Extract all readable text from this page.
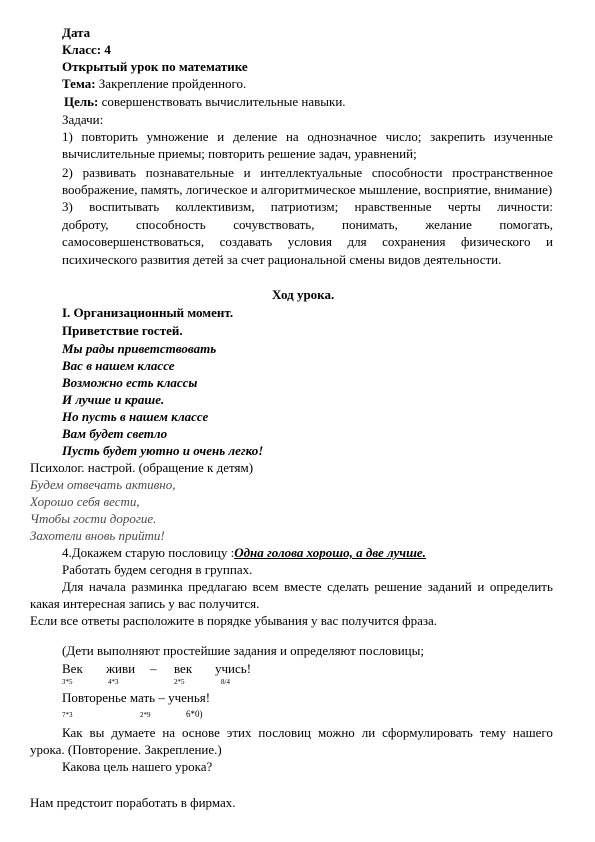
Дата
Класс: 4
Открытый урок по математике
Тема: Закрепление пройденного.
Цель: совершенствовать вычислительные навыки.
Задачи:
1) повторить умножение и деление на однозначное число; закрепить изученные
вычислительные приемы; повторить решение задач, уравнений;
2) развивать познавательные и интеллектуальные способности пространственное
воображение, память, логическое и алгоритмическое мышление, восприятие, внимание)
3) воспитывать коллективизм, патриотизм; нравственные черты личности:
доброту, способность сочувствовать, понимать, желание помогать,
самосовершенствоваться, создавать условия для сохранения физического и
психического развития детей за счет рациональной смены видов деятельности.
Ход урока.
I. Организационный момент.
Приветствие гостей.
Мы рады приветствовать
Вас в нашем классе
Возможно есть классы
И лучше и краше.
Но пусть в нашем классе
Вам будет светло
Пусть будет уютно и очень легко!
Психолог. настрой. (обращение к детям)
Будем отвечать активно,
Хорошо себя вести,
Чтобы гости дорогие.
Захотели вновь прийти!
4.Докажем старую пословицу :Одна голова хорошо, а две лучше.
Работать будем сегодня в группах.
Для начала разминка предлагаю всем вместе сделать решение заданий и определить
какая интересная запись у вас получится.
Если все ответы расположите в порядке убывания у вас получится фраза.
(Дети выполняют простейшие задания и определяют пословицы;
Век живи – век учись!
3*5	4*3	2*5	8/4
Повторенье мать – ученья!
7*3	2*9	6*0)
Как вы думаете на основе этих пословиц можно ли сформулировать тему нашего
урока. (Повторение. Закрепление.)
Какова цель нашего урока?
Нам предстоит поработать в фирмах.
